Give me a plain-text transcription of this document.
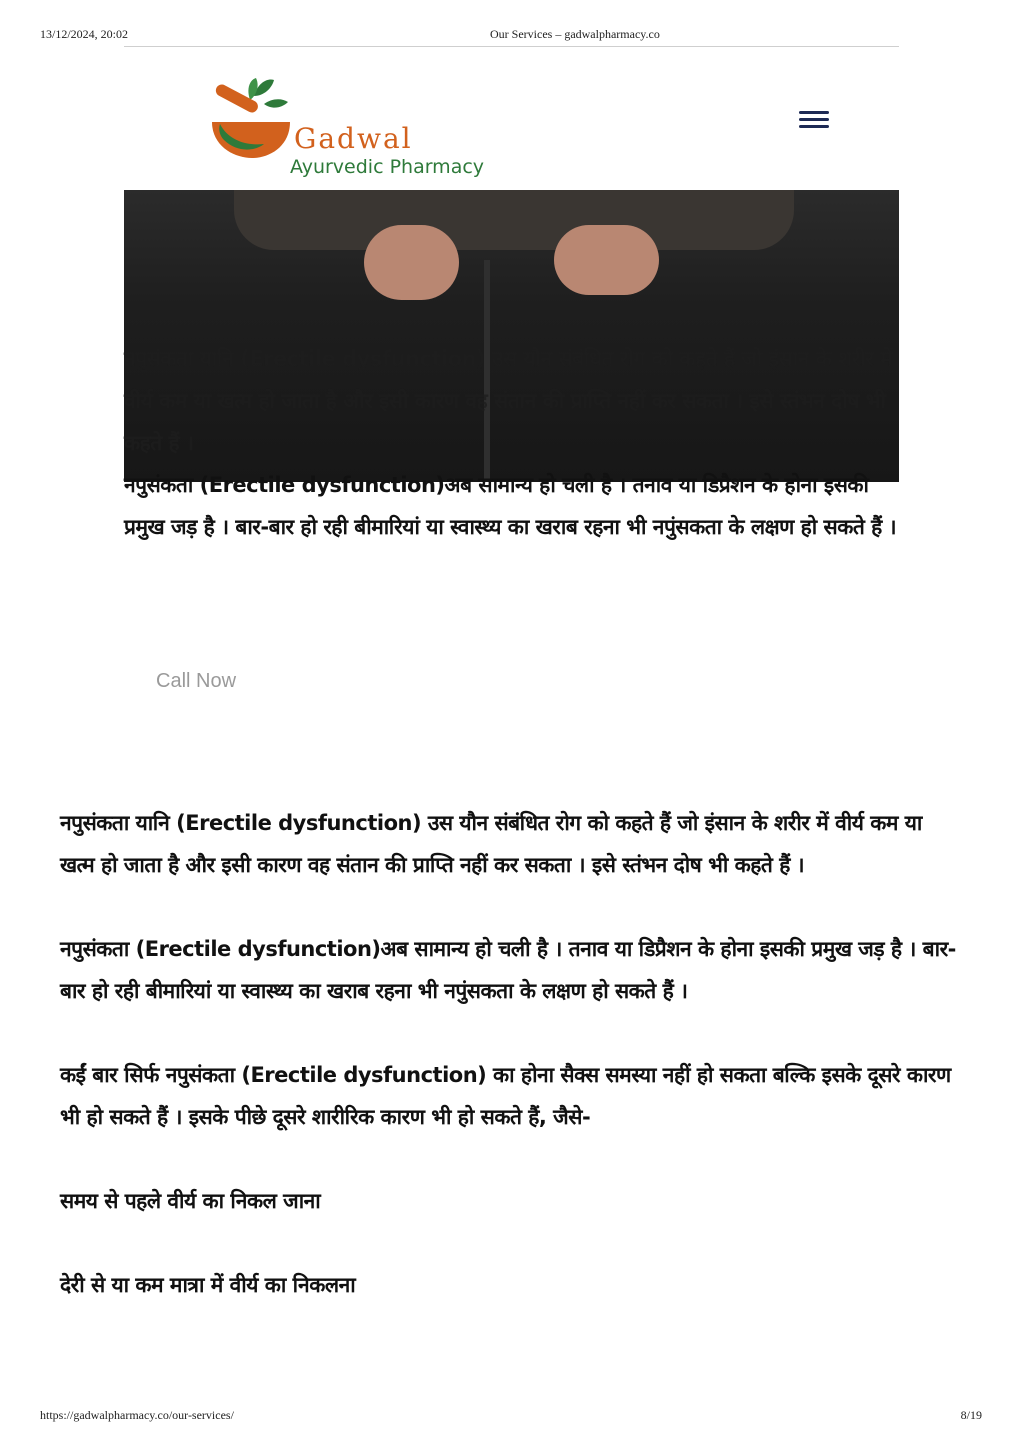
13/12/2024, 20:02	Our Services – gadwalpharmacy.co
Gadwal
Ayurvedic Pharmacy

नपुसंकता यानि (Erectile dysfunction) उस यौन संबंधित रोग को कहते हैं जो इंसान के शरीर में वीर्य कम या खत्म हो जाता है और इसी कारण वह संतान की प्राप्ति नहीं कर सकता । इसे स्तंभन दोष भी कहते हैं ।

नपुसंकता (Erectile dysfunction)अब सामान्य हो चली है । तनाव या डिप्रैशन के होना इसकी प्रमुख जड़ है । बार-बार हो रही बीमारियां या स्वास्थ्य का खराब रहना भी नपुंसकता के लक्षण हो सकते हैं ।

Call Now

नपुसंकता यानि (Erectile dysfunction) उस यौन संबंधित रोग को कहते हैं जो इंसान के शरीर में वीर्य कम या खत्म हो जाता है और इसी कारण वह संतान की प्राप्ति नहीं कर सकता । इसे स्तंभन दोष भी कहते हैं ।

नपुसंकता (Erectile dysfunction)अब सामान्य हो चली है । तनाव या डिप्रैशन के होना इसकी प्रमुख जड़ है । बार-बार हो रही बीमारियां या स्वास्थ्य का खराब रहना भी नपुंसकता के लक्षण हो सकते हैं ।

कईं बार सिर्फ नपुसंकता (Erectile dysfunction) का होना सैक्स समस्या नहीं हो सकता बल्कि इसके दूसरे कारण भी हो सकते हैं । इसके पीछे दूसरे शारीरिक कारण भी हो सकते हैं, जैसे-

समय से पहले वीर्य का निकल जाना

देरी से या कम मात्रा में वीर्य का निकलना

https://gadwalpharmacy.co/our-services/	8/19
